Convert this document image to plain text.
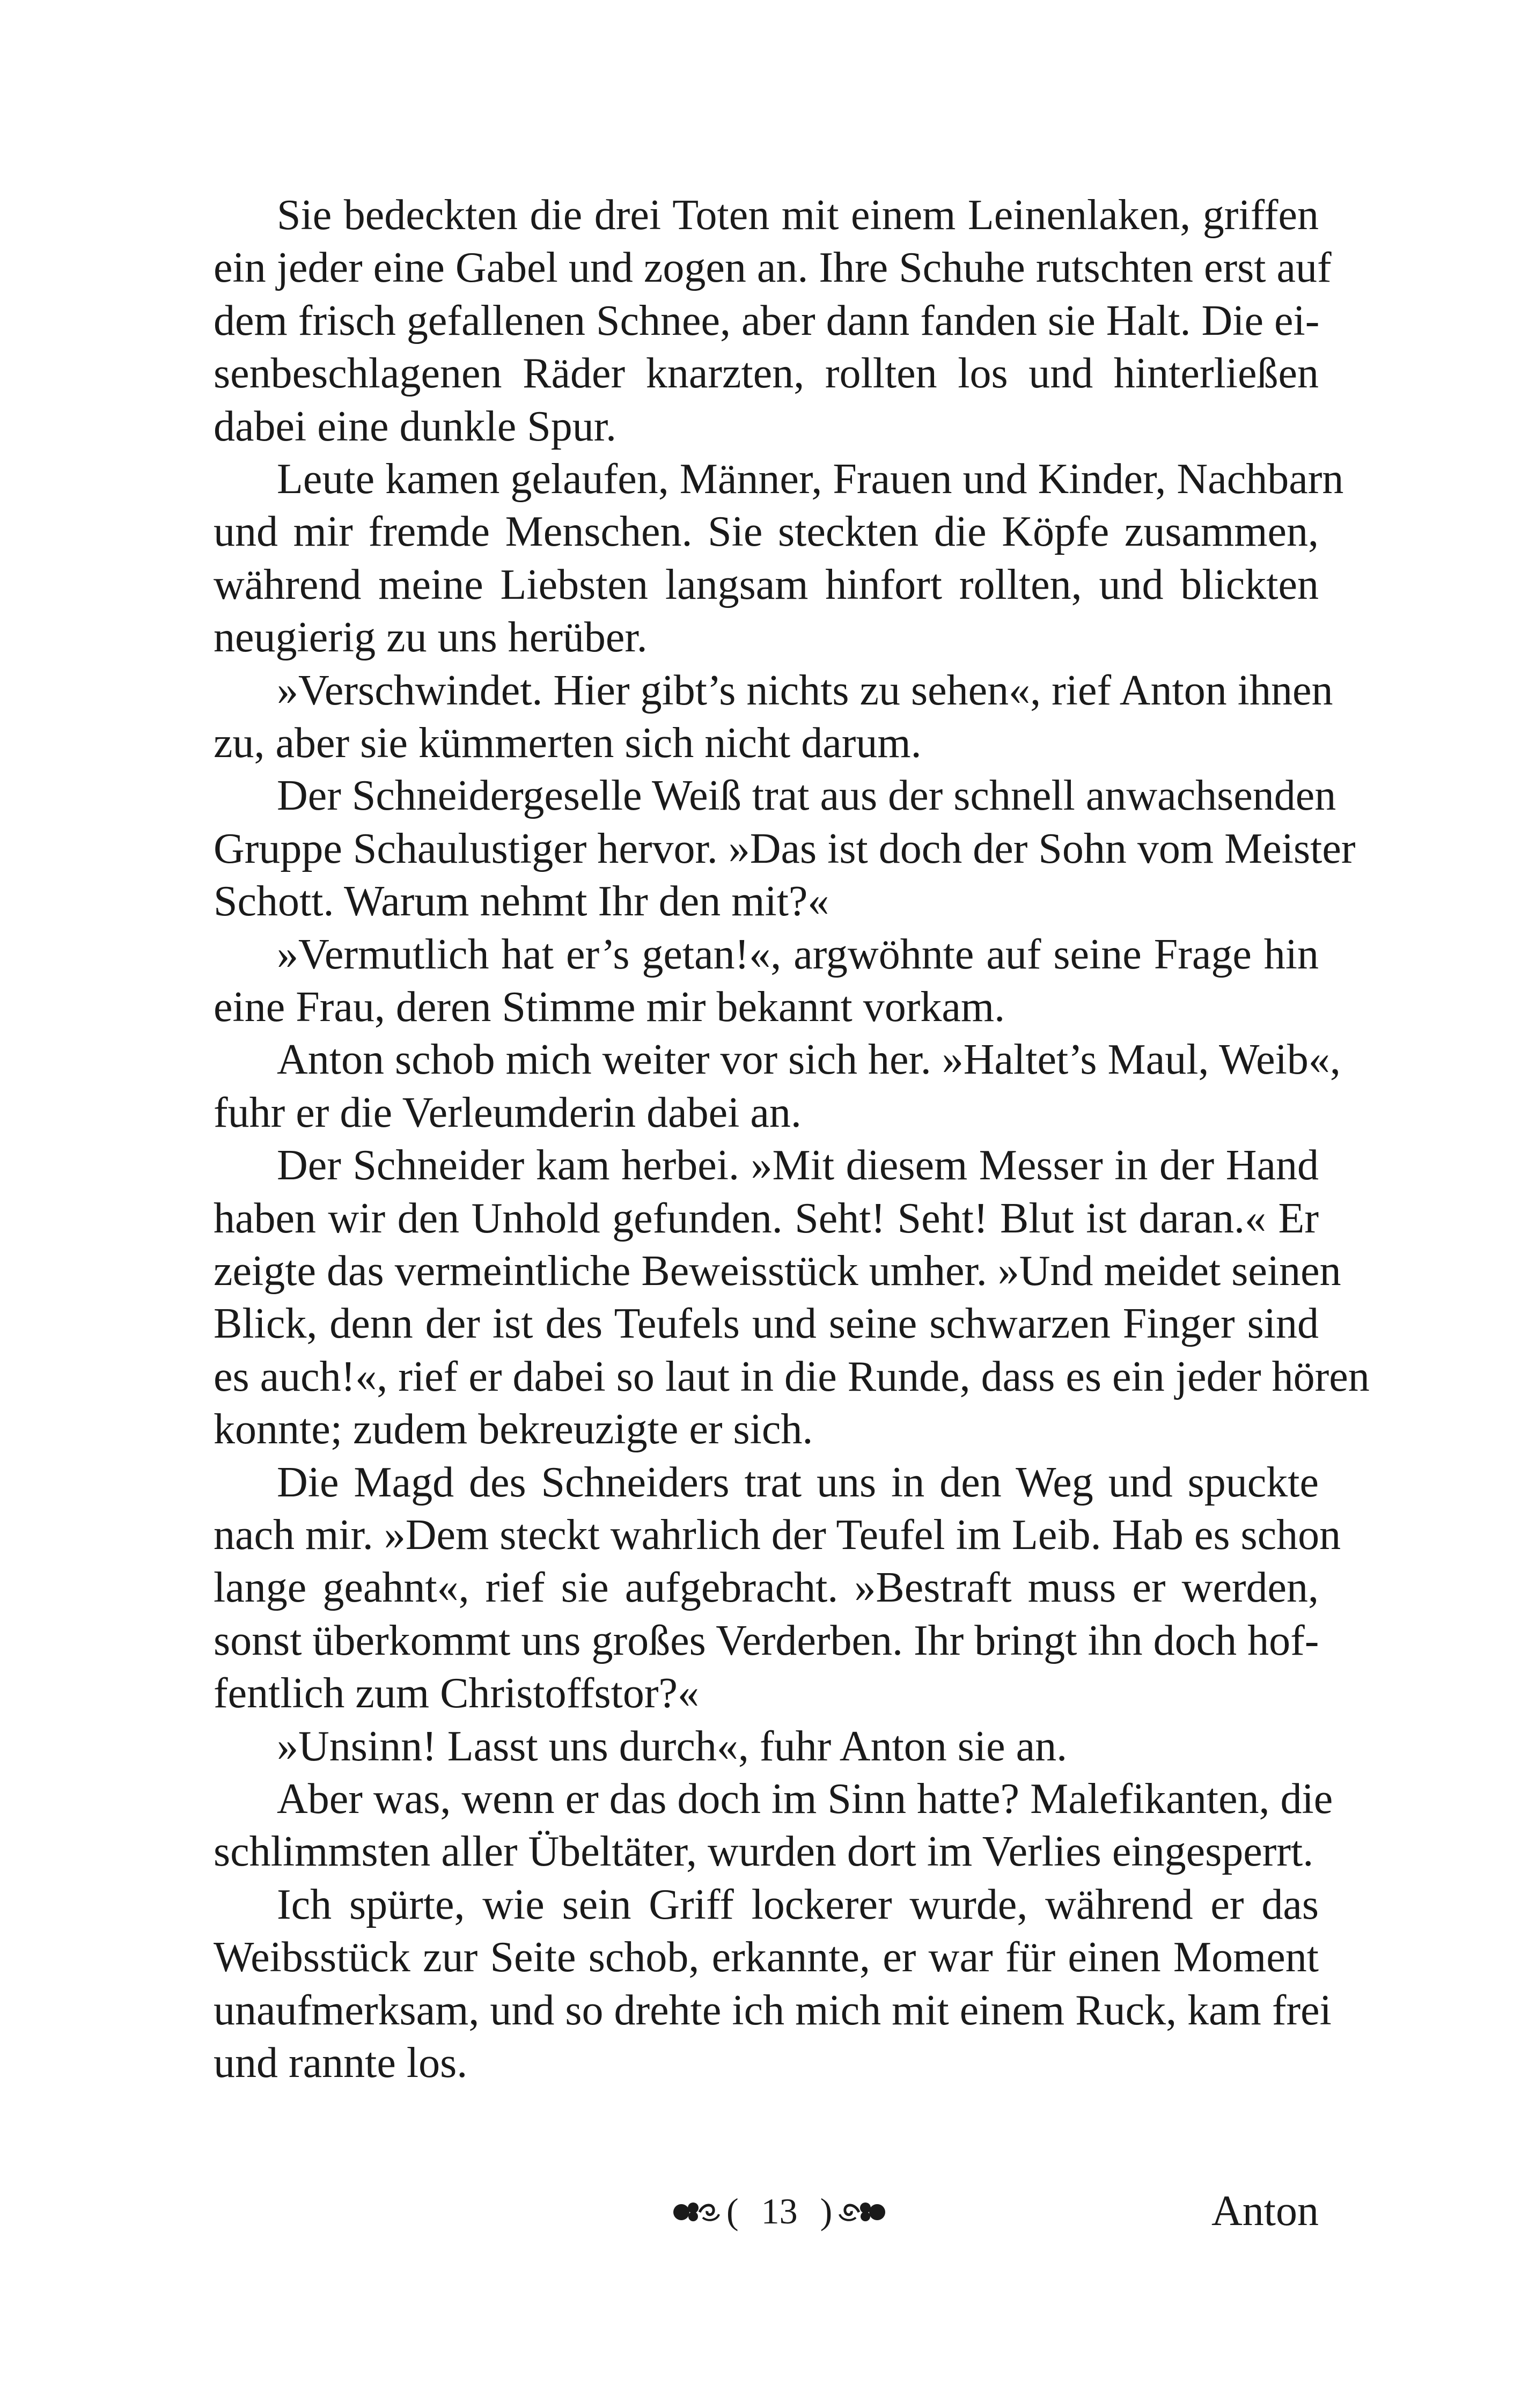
Sie bedeckten die drei Toten mit einem Leinenlaken, griffen
ein jeder eine Gabel und zogen an. Ihre Schuhe rutschten erst auf
dem frisch gefallenen Schnee, aber dann fanden sie Halt. Die ei-
senbeschlagenen Räder knarzten, rollten los und hinterließen
dabei eine dunkle Spur.
Leute kamen gelaufen, Männer, Frauen und Kinder, Nachbarn
und mir fremde Menschen. Sie steckten die Köpfe zusammen,
während meine Liebsten langsam hinfort rollten, und blickten
neugierig zu uns herüber.
»Verschwindet. Hier gibt’s nichts zu sehen«, rief Anton ihnen
zu, aber sie kümmerten sich nicht darum.
Der Schneidergeselle Weiß trat aus der schnell anwachsenden
Gruppe Schaulustiger hervor. »Das ist doch der Sohn vom Meister
Schott. Warum nehmt Ihr den mit?«
»Vermutlich hat er’s getan!«, argwöhnte auf seine Frage hin
eine Frau, deren Stimme mir bekannt vorkam.
Anton schob mich weiter vor sich her. »Haltet’s Maul, Weib«,
fuhr er die Verleumderin dabei an.
Der Schneider kam herbei. »Mit diesem Messer in der Hand
haben wir den Unhold gefunden. Seht! Seht! Blut ist daran.« Er
zeigte das vermeintliche Beweisstück umher. »Und meidet seinen
Blick, denn der ist des Teufels und seine schwarzen Finger sind
es auch!«, rief er dabei so laut in die Runde, dass es ein jeder hören
konnte; zudem bekreuzigte er sich.
Die Magd des Schneiders trat uns in den Weg und spuckte
nach mir. »Dem steckt wahrlich der Teufel im Leib. Hab es schon
lange geahnt«, rief sie aufgebracht. »Bestraft muss er werden,
sonst überkommt uns großes Verderben. Ihr bringt ihn doch hof-
fentlich zum Christoffstor?«
»Unsinn! Lasst uns durch«, fuhr Anton sie an.
Aber was, wenn er das doch im Sinn hatte? Malefikanten, die
schlimmsten aller Übeltäter, wurden dort im Verlies eingesperrt.
Ich spürte, wie sein Griff lockerer wurde, während er das
Weibsstück zur Seite schob, erkannte, er war für einen Moment
unaufmerksam, und so drehte ich mich mit einem Ruck, kam frei
und rannte los.
( 13 )	Anton
